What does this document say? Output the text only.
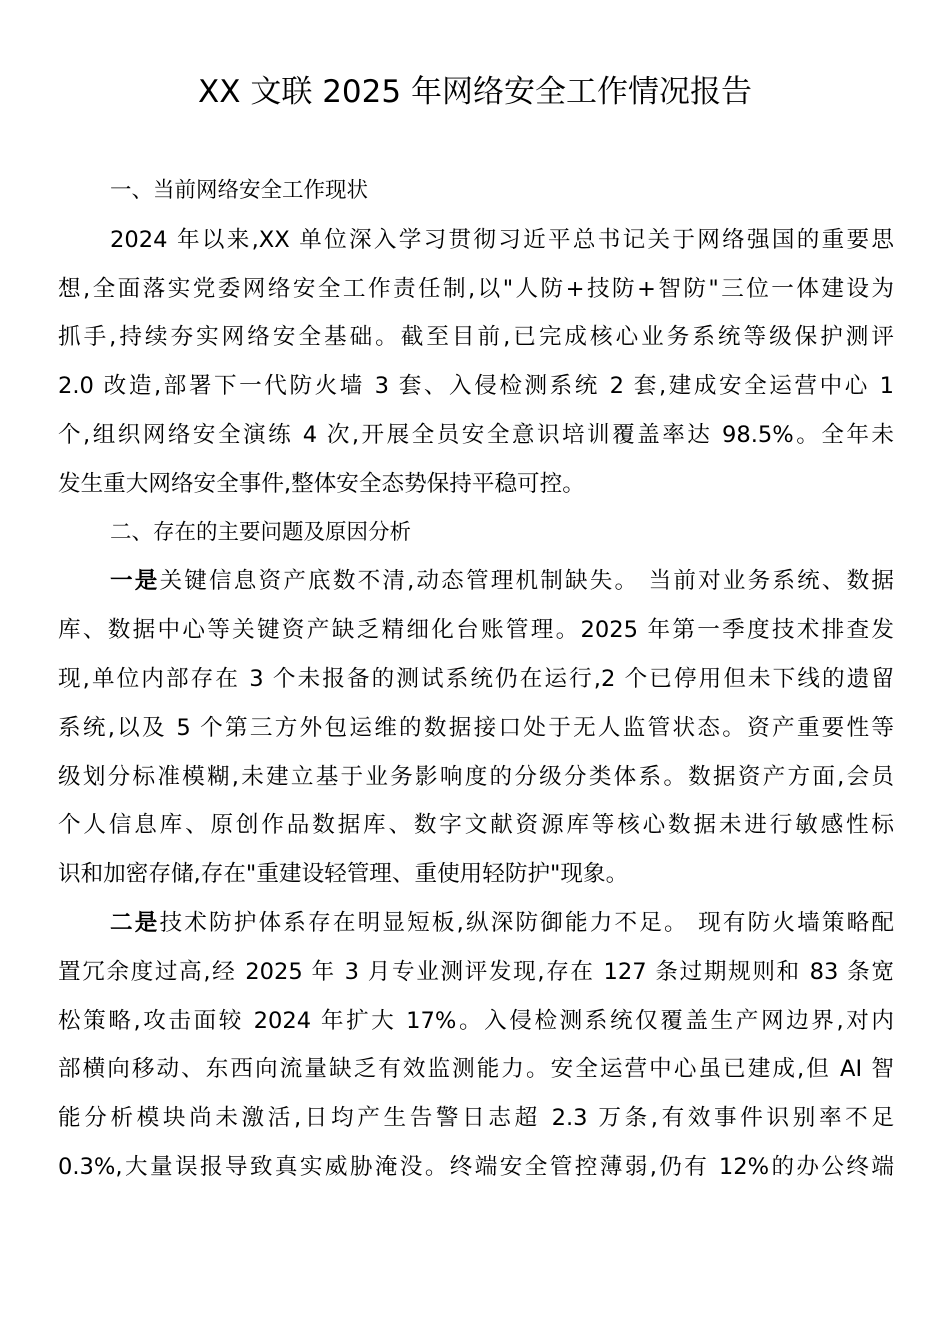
XX 文联 2025 年网络安全工作情况报告
一、当前网络安全工作现状
2024 年以来,XX 单位深入学习贯彻习近平总书记关于网络强国的重要思
想,全面落实党委网络安全工作责任制,以"人防+技防+智防"三位一体建设为
抓手,持续夯实网络安全基础。截至目前,已完成核心业务系统等级保护测评
2.0 改造,部署下一代防火墙 3 套、入侵检测系统 2 套,建成安全运营中心 1
个,组织网络安全演练 4 次,开展全员安全意识培训覆盖率达 98.5%。全年未
发生重大网络安全事件,整体安全态势保持平稳可控。
二、存在的主要问题及原因分析
一是关键信息资产底数不清,动态管理机制缺失。 当前对业务系统、数据
库、数据中心等关键资产缺乏精细化台账管理。2025 年第一季度技术排查发
现,单位内部存在 3 个未报备的测试系统仍在运行,2 个已停用但未下线的遗留
系统,以及 5 个第三方外包运维的数据接口处于无人监管状态。资产重要性等
级划分标准模糊,未建立基于业务影响度的分级分类体系。数据资产方面,会员
个人信息库、原创作品数据库、数字文献资源库等核心数据未进行敏感性标
识和加密存储,存在"重建设轻管理、重使用轻防护"现象。
二是技术防护体系存在明显短板,纵深防御能力不足。 现有防火墙策略配
置冗余度过高,经 2025 年 3 月专业测评发现,存在 127 条过期规则和 83 条宽
松策略,攻击面较 2024 年扩大 17%。入侵检测系统仅覆盖生产网边界,对内
部横向移动、东西向流量缺乏有效监测能力。安全运营中心虽已建成,但 AI 智
能分析模块尚未激活,日均产生告警日志超 2.3 万条,有效事件识别率不足
0.3%,大量误报导致真实威胁淹没。终端安全管控薄弱,仍有 12%的办公终端
